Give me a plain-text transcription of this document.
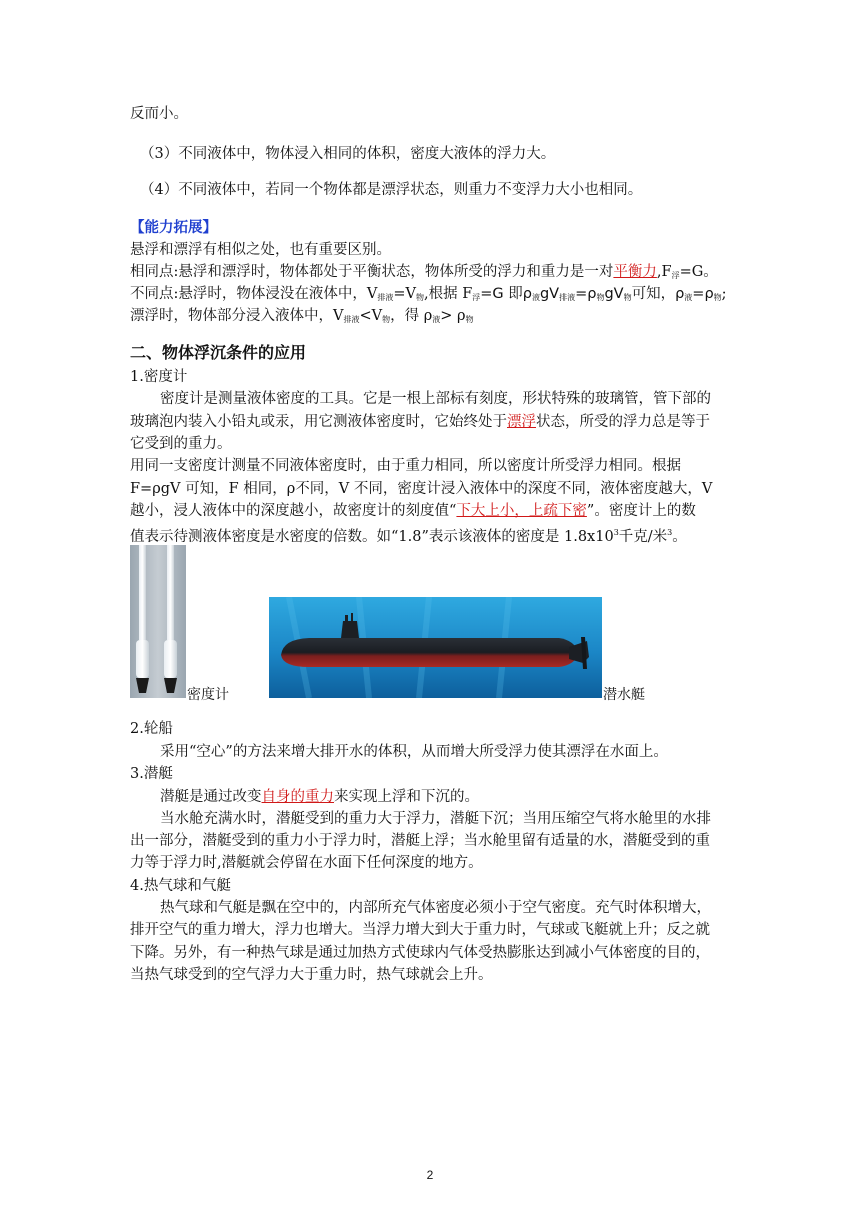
反而小。
（3）不同液体中，物体浸入相同的体积，密度大液体的浮力大。
（4）不同液体中，若同一个物体都是漂浮状态，则重力不变浮力大小也相同。
【能力拓展】
悬浮和漂浮有相似之处，也有重要区别。
相同点:悬浮和漂浮时，物体都处于平衡状态，物体所受的浮力和重力是一对平衡力$,F_浮=G$。
不同点:悬浮时，物体浸没在液体中，$V_{排液}=V_物$,根据 $F_浮=G$ 即$\rho_液gV_{排液}=\rho_物gV_物$可知，$\rho_液=\rho_物$;
漂浮时，物体部分浸入液体中，$V_{排液}<V_物$，得 $\rho_液> \rho_物$
二、物体浮沉条件的应用
1.密度计
密度计是测量液体密度的工具。它是一根上部标有刻度，形状特殊的玻璃管，管下部的
玻璃泡内装入小铅丸或汞，用它测液体密度时，它始终处于漂浮状态，所受的浮力总是等于
它受到的重力。
用同一支密度计测量不同液体密度时，由于重力相同，所以密度计所受浮力相同。根据
F=ρgV 可知，F 相同，ρ不同，V 不同，密度计浸入液体中的深度不同，液体密度越大，V
越小，浸人液体中的深度越小，故密度计的刻度值“下大上小，上疏下密”。密度计上的数
值表示待测液体密度是水密度的倍数。如“1.8”表示该液体的密度是 $1.8x10^3$千克/米$^3$。
密度计	潜水艇
2.轮船
采用“空心”的方法来增大排开水的体积，从而增大所受浮力使其漂浮在水面上。
3.潜艇
潜艇是通过改变自身的重力来实现上浮和下沉的。
当水舱充满水时，潜艇受到的重力大于浮力，潜艇下沉；当用压缩空气将水舱里的水排
出一部分，潜艇受到的重力小于浮力时，潜艇上浮；当水舱里留有适量的水，潜艇受到的重
力等于浮力时,潜艇就会停留在水面下任何深度的地方。
4.热气球和气艇
热气球和气艇是飘在空中的，内部所充气体密度必须小于空气密度。充气时体积增大，
排开空气的重力增大，浮力也增大。当浮力增大到大于重力时，气球或飞艇就上升；反之就
下降。另外，有一种热气球是通过加热方式使球内气体受热膨胀达到减小气体密度的目的，
当热气球受到的空气浮力大于重力时，热气球就会上升。
2
